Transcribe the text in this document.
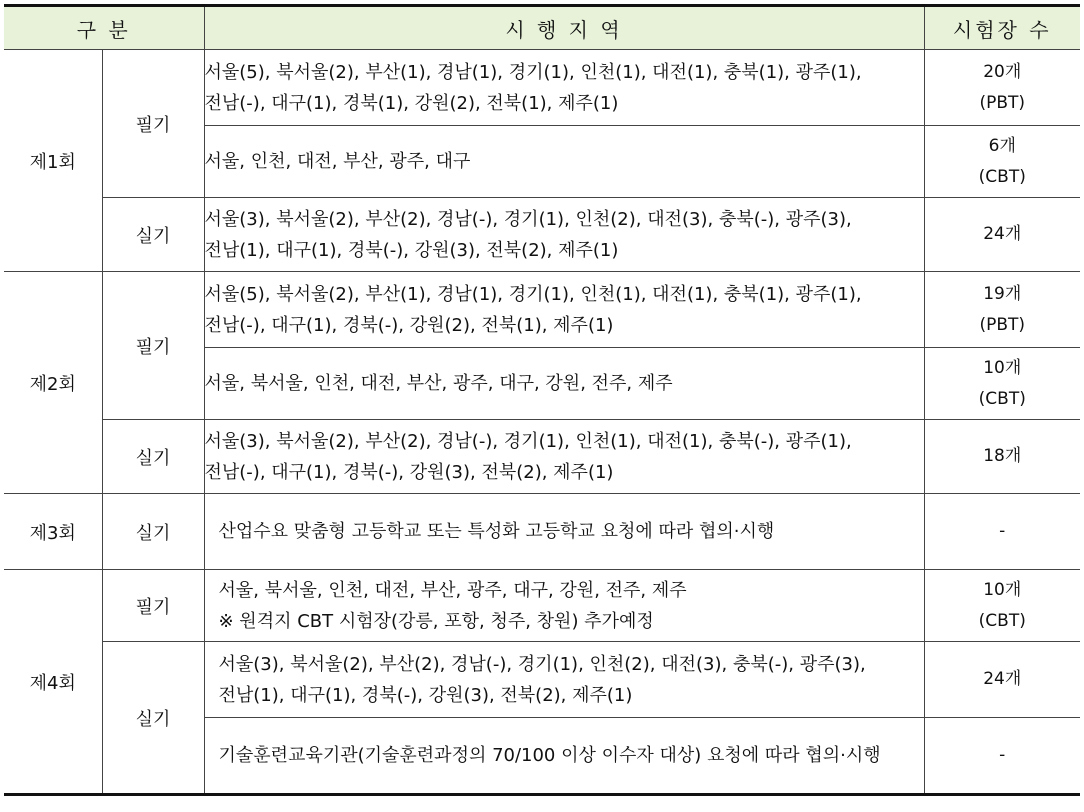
구 분		시 행 지 역	시험장 수
제1회	필기	서울(5), 북서울(2), 부산(1), 경남(1), 경기(1), 인천(1), 대전(1), 충북(1), 광주(1),
전남(-), 대구(1), 경북(1), 강원(2), 전북(1), 제주(1)	20개
(PBT)

		서울, 인천, 대전, 부산, 광주, 대구	6개
(CBT)

	실기	서울(3), 북서울(2), 부산(2), 경남(-), 경기(1), 인천(2), 대전(3), 충북(-), 광주(3),
전남(1), 대구(1), 경북(-), 강원(3), 전북(2), 제주(1)	24개

제2회	필기	서울(5), 북서울(2), 부산(1), 경남(1), 경기(1), 인천(1), 대전(1), 충북(1), 광주(1),
전남(-), 대구(1), 경북(-), 강원(2), 전북(1), 제주(1)	19개
(PBT)

		서울, 북서울, 인천, 대전, 부산, 광주, 대구, 강원, 전주, 제주	10개
(CBT)

	실기	서울(3), 북서울(2), 부산(2), 경남(-), 경기(1), 인천(1), 대전(1), 충북(-), 광주(1),
전남(-), 대구(1), 경북(-), 강원(3), 전북(2), 제주(1)	18개

제3회	실기	산업수요 맞춤형 고등학교 또는 특성화 고등학교 요청에 따라 협의·시행	-

제4회	필기	서울, 북서울, 인천, 대전, 부산, 광주, 대구, 강원, 전주, 제주
※ 원격지 CBT 시험장(강릉, 포항, 청주, 창원) 추가예정	10개
(CBT)

	실기	서울(3), 북서울(2), 부산(2), 경남(-), 경기(1), 인천(2), 대전(3), 충북(-), 광주(3),
전남(1), 대구(1), 경북(-), 강원(3), 전북(2), 제주(1)	24개

		기술훈련교육기관(기술훈련과정의 70/100 이상 이수자 대상) 요청에 따라 협의·시행	-
